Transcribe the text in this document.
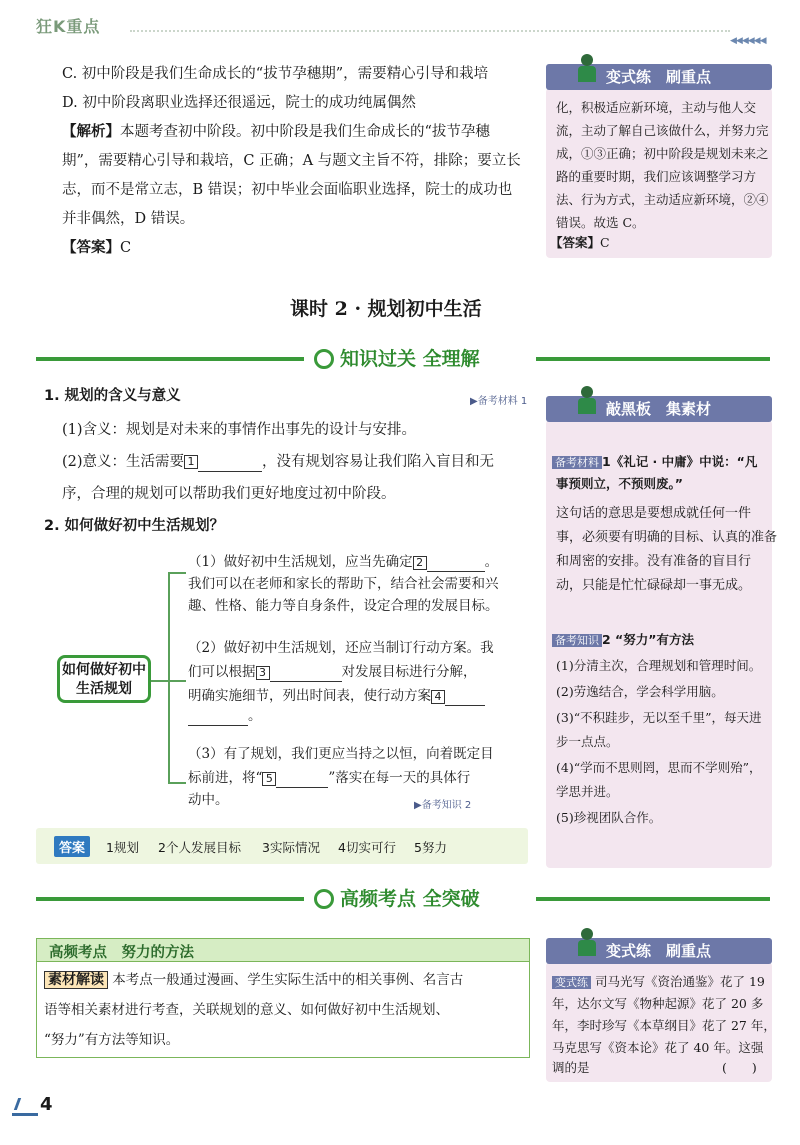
狂K重点
◀◀◀◀◀◀
C. 初中阶段是我们生命成长的“拔节孕穗期”，需要精心引导和栽培
D. 初中阶段离职业选择还很遥远，院士的成功纯属偶然
【解析】本题考查初中阶段。初中阶段是我们生命成长的“拔节孕穗
期”，需要精心引导和栽培，C 正确；A 与题文主旨不符，排除；要立长
志，而不是常立志，B 错误；初中毕业会面临职业选择，院士的成功也
并非偶然，D 错误。
【答案】C
变式练　刷重点
化，积极适应新环境，主动与他人交
流，主动了解自己该做什么，并努力完
成，①③正确；初中阶段是规划未来之
路的重要时期，我们应该调整学习方
法、行为方式，主动适应新环境，②④
错误。故选 C。
【答案】C
课时 2 · 规划初中生活
知识过关 全理解
1. 规划的含义与意义	▶备考材料 1
(1)含义：规划是对未来的事情作出事先的设计与安排。
(2)意义：生活需要 1	，没有规划容易让我们陷入盲目和无
序，合理的规划可以帮助我们更好地度过初中阶段。
2. 如何做好初中生活规划？
如何做好初中生活规划
（1）做好初中生活规划，应当先确定 2	。
我们可以在老师和家长的帮助下，结合社会需要和兴
趣、性格、能力等自身条件，设定合理的发展目标。
（2）做好初中生活规划，还应当制订行动方案。我
们可以根据 3	对发展目标进行分解，
明确实施细节，列出时间表，使行动方案 4
。
（3）有了规划，我们更应当持之以恒，向着既定目
标前进，将“ 5	”落实在每一天的具体行
动中。	▶备考知识 2
答案	1规划 2个人发展目标 3实际情况 4切实可行 5努力
敲黑板　集素材
备考材料 1《礼记 · 中庸》中说：“凡
事预则立，不预则废。”
这句话的意思是要想成就任何一件
事，必须要有明确的目标、认真的准备
和周密的安排。没有准备的盲目行
动，只能是忙忙碌碌却一事无成。
备考知识 2 “努力”有方法
(1)分清主次，合理规划和管理时间。
(2)劳逸结合，学会科学用脑。
(3)“不积跬步，无以至千里”，每天进
步一点点。
(4)“学而不思则罔，思而不学则殆”，
学思并进。
(5)珍视团队合作。
高频考点 全突破
高频考点　努力的方法
素材解读 本考点一般通过漫画、学生实际生活中的相关事例、名言古
语等相关素材进行考查，关联规划的意义、如何做好初中生活规划、
“努力”有方法等知识。
变式练　刷重点
变式练 司马光写《资治通鉴》花了 19
年，达尔文写《物种起源》花了 20 多
年，李时珍写《本草纲目》花了 27 年，
马克思写《资本论》花了 40 年。这强
调的是	(　　)
4
